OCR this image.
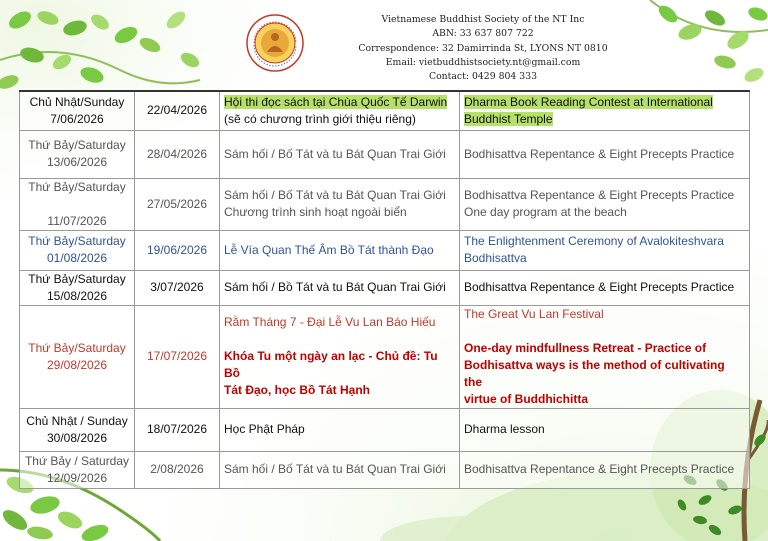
Vietnamese Buddhist Society of the NT Inc
ABN: 33 637 807 722
Correspondence: 32 Damirrinda St, LYONS NT 0810
Email: vietbuddhistsociety.nt@gmail.com
Contact: 0429 804 333
Chủ Nhật/Sunday
7/06/2026	22/04/2026	Hội thi đọc sách tại Chùa Quốc Tế Darwin
(sẽ có chương trình giới thiệu riêng)	Dharma Book Reading Contest at International
Buddhist Temple

Thứ Bảy/Saturday
13/06/2026	28/04/2026	Sám hối / Bố Tát và tu Bát Quan Trai Giới	Bodhisattva Repentance & Eight Precepts Practice

Thứ Bảy/Saturday
11/07/2026	27/05/2026	Sám hối / Bố Tát và tu Bát Quan Trai Giới
Chương trình sinh hoạt ngoài biển	Bodhisattva Repentance & Eight Precepts Practice
One day program at the beach

Thứ Bảy/Saturday
01/08/2026	19/06/2026	Lễ Vía Quan Thế Âm Bồ Tát thành Đạo	The Enlightenment Ceremony of Avalokiteshvara
Bodhisattva

Thứ Bảy/Saturday
15/08/2026	3/07/2026	Sám hối / Bồ Tát và tu Bát Quan Trai Giới	Bodhisattva Repentance & Eight Precepts Practice

Thứ Bảy/Saturday
29/08/2026	17/07/2026	Rằm Tháng 7 - Đại Lễ Vu Lan Báo Hiếu
Khóa Tu một ngày an lạc - Chủ đề: Tu Bồ
Tát Đạo, học Bồ Tát Hạnh	The Great Vu Lan Festival
One-day mindfullness Retreat - Practice of
Bodhisattva ways is the method of cultivating the
virtue of Buddhichitta

Chủ Nhật / Sunday
30/08/2026	18/07/2026	Học Phật Pháp	Dharma lesson

Thứ Bảy / Saturday
12/09/2026	2/08/2026	Sám hối / Bố Tát và tu Bát Quan Trai Giới	Bodhisattva Repentance & Eight Precepts Practice
